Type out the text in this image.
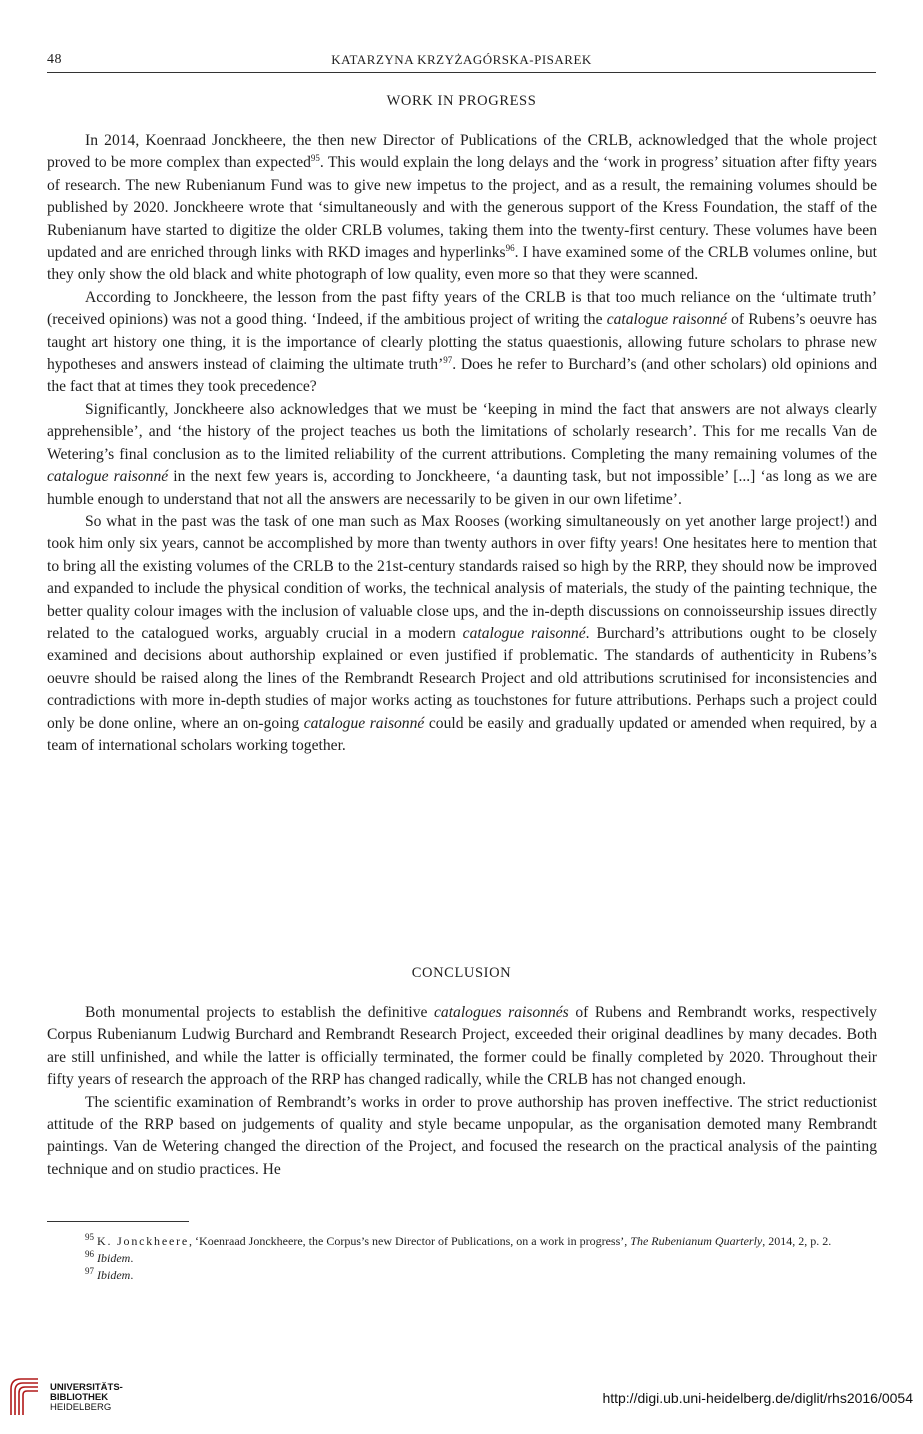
48	KATARZYNA KRZYŻAGÓRSKA-PISAREK
WORK IN PROGRESS

In 2014, Koenraad Jonckheere, the then new Director of Publications of the CRLB, acknowledged that the whole project proved to be more complex than expected$^{95}$. This would explain the long delays and the ‘work in progress’ situation after fifty years of research. The new Rubenianum Fund was to give new impetus to the project, and as a result, the remaining volumes should be published by 2020. Jonckheere wrote that ‘simultaneously and with the generous support of the Kress Foundation, the staff of the Rubenianum have started to digitize the older CRLB volumes, taking them into the twenty-first century. These volumes have been updated and are enriched through links with RKD images and hyperlinks$^{96}$. I have examined some of the CRLB volumes online, but they only show the old black and white photograph of low quality, even more so that they were scanned.

According to Jonckheere, the lesson from the past fifty years of the CRLB is that too much reliance on the ‘ultimate truth’ (received opinions) was not a good thing. ‘Indeed, if the ambitious project of writing the catalogue raisonné of Rubens’s oeuvre has taught art history one thing, it is the importance of clearly plotting the status quaestionis, allowing future scholars to phrase new hypotheses and answers instead of claiming the ultimate truth’$^{97}$. Does he refer to Burchard’s (and other scholars) old opinions and the fact that at times they took precedence?

Significantly, Jonckheere also acknowledges that we must be ‘keeping in mind the fact that answers are not always clearly apprehensible’, and ‘the history of the project teaches us both the limitations of scholarly research’. This for me recalls Van de Wetering’s final conclusion as to the limited reliability of the current attributions. Completing the many remaining volumes of the catalogue raisonné in the next few years is, according to Jonckheere, ‘a daunting task, but not impossible’ [...] ‘as long as we are humble enough to understand that not all the answers are necessarily to be given in our own lifetime’.

So what in the past was the task of one man such as Max Rooses (working simultaneously on yet another large project!) and took him only six years, cannot be accomplished by more than twenty authors in over fifty years! One hesitates here to mention that to bring all the existing volumes of the CRLB to the 21st-century standards raised so high by the RRP, they should now be improved and expanded to include the physical condition of works, the technical analysis of materials, the study of the painting technique, the better quality colour images with the inclusion of valuable close ups, and the in-depth discussions on connoisseurship issues directly related to the catalogued works, arguably crucial in a modern catalogue raisonné. Burchard’s attributions ought to be closely examined and decisions about authorship explained or even justified if problematic. The standards of authenticity in Rubens’s oeuvre should be raised along the lines of the Rembrandt Research Project and old attributions scrutinised for inconsistencies and contradictions with more in-depth studies of major works acting as touchstones for future attributions. Perhaps such a project could only be done online, where an on-going catalogue raisonné could be easily and gradually updated or amended when required, by a team of international scholars working together.

CONCLUSION

Both monumental projects to establish the definitive catalogues raisonnés of Rubens and Rembrandt works, respectively Corpus Rubenianum Ludwig Burchard and Rembrandt Research Project, exceeded their original deadlines by many decades. Both are still unfinished, and while the latter is officially terminated, the former could be finally completed by 2020. Throughout their fifty years of research the approach of the RRP has changed radically, while the CRLB has not changed enough.

The scientific examination of Rembrandt’s works in order to prove authorship has proven ineffective. The strict reductionist attitude of the RRP based on judgements of quality and style became unpopular, as the organisation demoted many Rembrandt paintings. Van de Wetering changed the direction of the Project, and focused the research on the practical analysis of the painting technique and on studio practices. He

$^{95}$ K. Jonckheere, ‘Koenraad Jonckheere, the Corpus’s new Director of Publications, on a work in progress’, The Rubenianum Quarterly, 2014, 2, p. 2.
$^{96}$ Ibidem.
$^{97}$ Ibidem.
UNIVERSITÄTS-
BIBLIOTHEK
HEIDELBERG
http://digi.ub.uni-heidelberg.de/diglit/rhs2016/0054
